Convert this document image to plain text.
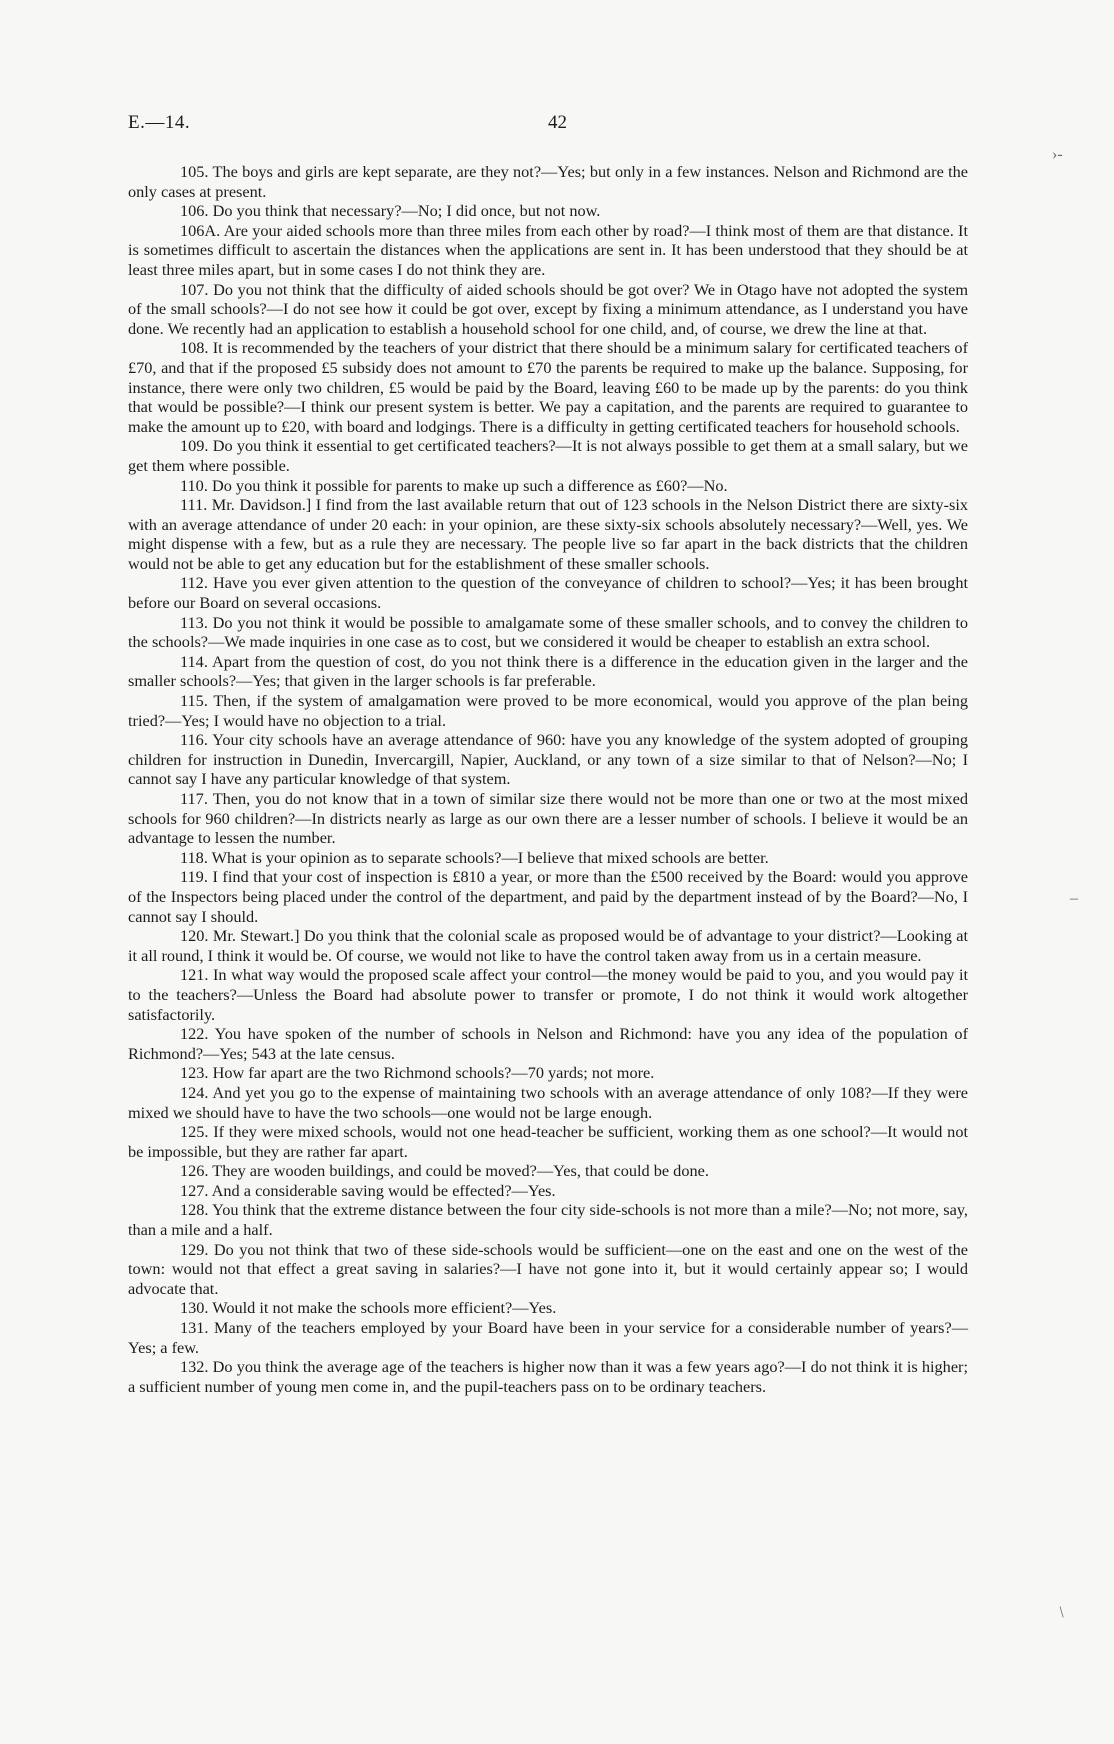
E.—14.	42
›-
‒
/

105. The boys and girls are kept separate, are they not?—Yes; but only in a few instances. Nelson and Richmond are the only cases at present.

106. Do you think that necessary?—No; I did once, but not now.

106A. Are your aided schools more than three miles from each other by road?—I think most of them are that distance. It is sometimes difficult to ascertain the distances when the applications are sent in. It has been understood that they should be at least three miles apart, but in some cases I do not think they are.

107. Do you not think that the difficulty of aided schools should be got over? We in Otago have not adopted the system of the small schools?—I do not see how it could be got over, except by fixing a minimum attendance, as I understand you have done. We recently had an application to establish a household school for one child, and, of course, we drew the line at that.

108. It is recommended by the teachers of your district that there should be a minimum salary for certificated teachers of £70, and that if the proposed £5 subsidy does not amount to £70 the parents be required to make up the balance. Supposing, for instance, there were only two children, £5 would be paid by the Board, leaving £60 to be made up by the parents: do you think that would be possible?—I think our present system is better. We pay a capitation, and the parents are required to guarantee to make the amount up to £20, with board and lodgings. There is a difficulty in getting certificated teachers for household schools.

109. Do you think it essential to get certificated teachers?—It is not always possible to get them at a small salary, but we get them where possible.

110. Do you think it possible for parents to make up such a difference as £60?—No.

111. Mr. Davidson.] I find from the last available return that out of 123 schools in the Nelson District there are sixty-six with an average attendance of under 20 each: in your opinion, are these sixty-six schools absolutely necessary?—Well, yes. We might dispense with a few, but as a rule they are necessary. The people live so far apart in the back districts that the children would not be able to get any education but for the establishment of these smaller schools.

112. Have you ever given attention to the question of the conveyance of children to school?—Yes; it has been brought before our Board on several occasions.

113. Do you not think it would be possible to amalgamate some of these smaller schools, and to convey the children to the schools?—We made inquiries in one case as to cost, but we considered it would be cheaper to establish an extra school.

114. Apart from the question of cost, do you not think there is a difference in the education given in the larger and the smaller schools?—Yes; that given in the larger schools is far preferable.

115. Then, if the system of amalgamation were proved to be more economical, would you approve of the plan being tried?—Yes; I would have no objection to a trial.

116. Your city schools have an average attendance of 960: have you any knowledge of the system adopted of grouping children for instruction in Dunedin, Invercargill, Napier, Auckland, or any town of a size similar to that of Nelson?—No; I cannot say I have any particular knowledge of that system.

117. Then, you do not know that in a town of similar size there would not be more than one or two at the most mixed schools for 960 children?—In districts nearly as large as our own there are a lesser number of schools. I believe it would be an advantage to lessen the number.

118. What is your opinion as to separate schools?—I believe that mixed schools are better.

119. I find that your cost of inspection is £810 a year, or more than the £500 received by the Board: would you approve of the Inspectors being placed under the control of the department, and paid by the department instead of by the Board?—No, I cannot say I should.

120. Mr. Stewart.] Do you think that the colonial scale as proposed would be of advantage to your district?—Looking at it all round, I think it would be. Of course, we would not like to have the control taken away from us in a certain measure.

121. In what way would the proposed scale affect your control—the money would be paid to you, and you would pay it to the teachers?—Unless the Board had absolute power to transfer or promote, I do not think it would work altogether satisfactorily.

122. You have spoken of the number of schools in Nelson and Richmond: have you any idea of the population of Richmond?—Yes; 543 at the late census.

123. How far apart are the two Richmond schools?—70 yards; not more.

124. And yet you go to the expense of maintaining two schools with an average attendance of only 108?—If they were mixed we should have to have the two schools—one would not be large enough.

125. If they were mixed schools, would not one head-teacher be sufficient, working them as one school?—It would not be impossible, but they are rather far apart.

126. They are wooden buildings, and could be moved?—Yes, that could be done.

127. And a considerable saving would be effected?—Yes.

128. You think that the extreme distance between the four city side-schools is not more than a mile?—No; not more, say, than a mile and a half.

129. Do you not think that two of these side-schools would be sufficient—one on the east and one on the west of the town: would not that effect a great saving in salaries?—I have not gone into it, but it would certainly appear so; I would advocate that.

130. Would it not make the schools more efficient?—Yes.

131. Many of the teachers employed by your Board have been in your service for a considerable number of years?—Yes; a few.

132. Do you think the average age of the teachers is higher now than it was a few years ago?—I do not think it is higher; a sufficient number of young men come in, and the pupil-teachers pass on to be ordinary teachers.
